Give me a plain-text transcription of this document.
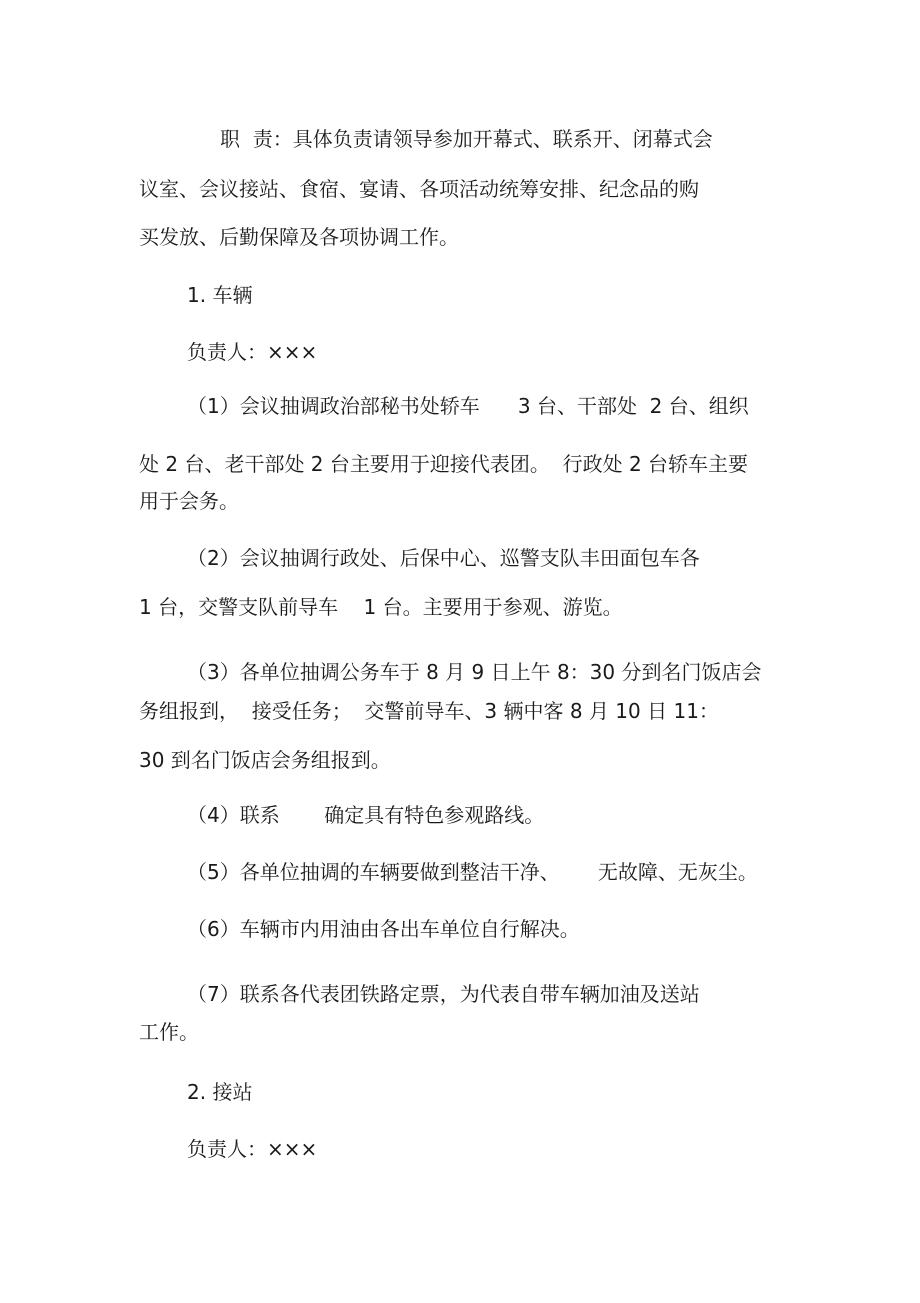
职  责：具体负责请领导参加开幕式、联系开、闭幕式会
议室、会议接站、食宿、宴请、各项活动统筹安排、纪念品的购
买发放、后勤保障及各项协调工作。
1. 车辆
负责人：×××
（1）会议抽调政治部秘书处轿车      3 台、干部处  2 台、组织
处 2 台、老干部处 2 台主要用于迎接代表团。  行政处 2 台轿车主要
用于会务。
（2）会议抽调行政处、后保中心、巡警支队丰田面包车各
1 台，交警支队前导车    1 台。主要用于参观、游览。
（3）各单位抽调公务车于 8 月 9 日上午 8：30 分到名门饭店会
务组报到，  接受任务；  交警前导车、3 辆中客 8 月 10 日 11：
30 到名门饭店会务组报到。
（4）联系       确定具有特色参观路线。
（5）各单位抽调的车辆要做到整洁干净、      无故障、无灰尘。
（6）车辆市内用油由各出车单位自行解决。
（7）联系各代表团铁路定票，为代表自带车辆加油及送站
工作。
2. 接站
负责人：×××
